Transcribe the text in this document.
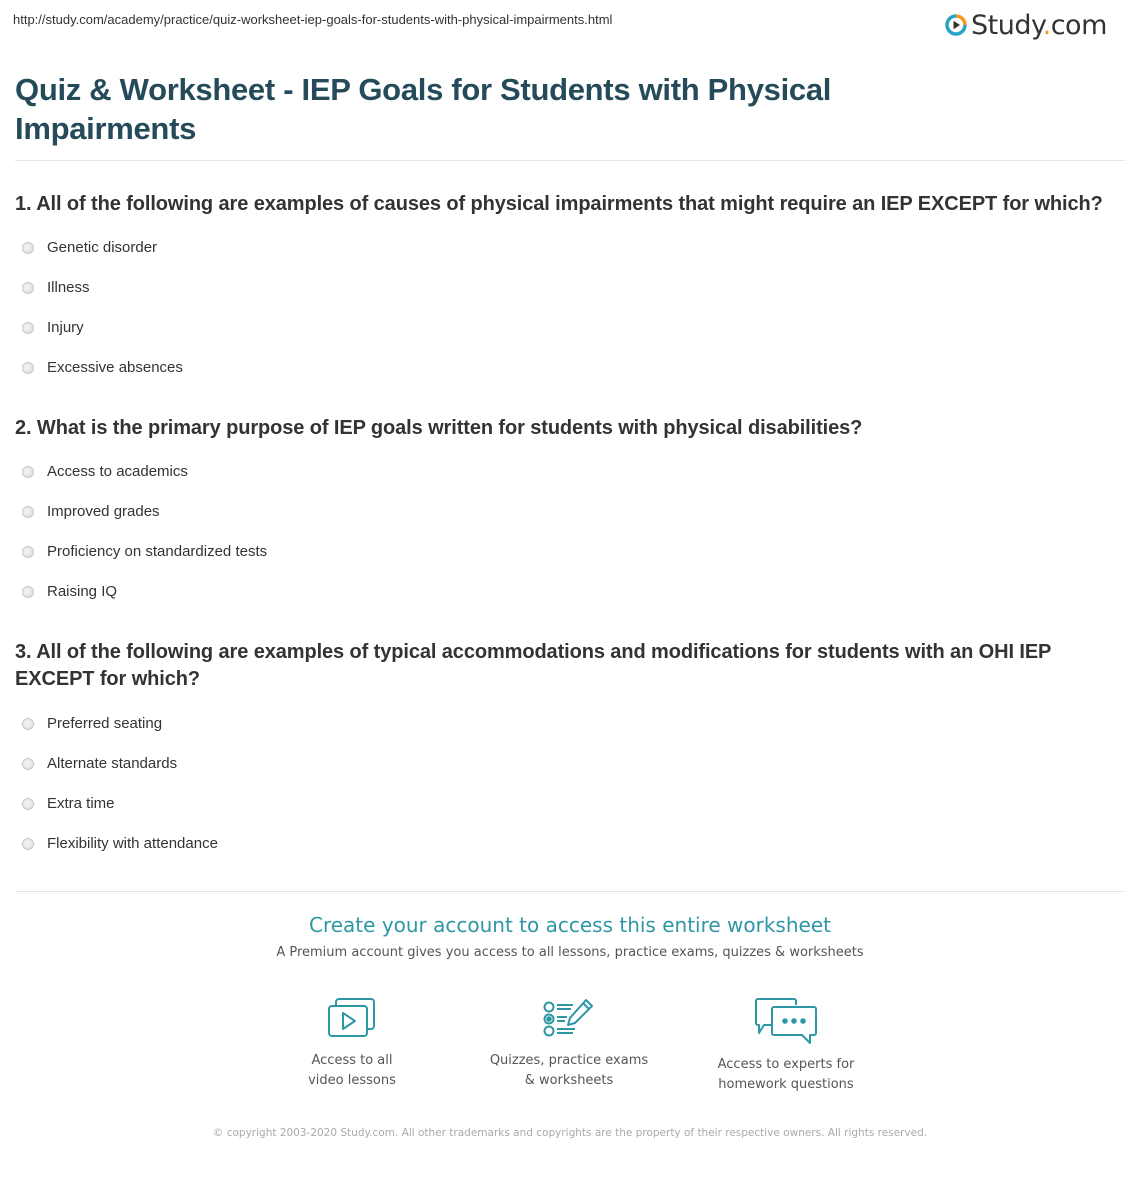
http://study.com/academy/practice/quiz-worksheet-iep-goals-for-students-with-physical-impairments.html	Study.com
Quiz & Worksheet - IEP Goals for Students with Physical Impairments
1. All of the following are examples of causes of physical impairments that might require an IEP EXCEPT for which?
Genetic disorder
Illness
Injury
Excessive absences
2. What is the primary purpose of IEP goals written for students with physical disabilities?
Access to academics
Improved grades
Proficiency on standardized tests
Raising IQ
3. All of the following are examples of typical accommodations and modifications for students with an OHI IEP EXCEPT for which?
Preferred seating
Alternate standards
Extra time
Flexibility with attendance
Create your account to access this entire worksheet
A Premium account gives you access to all lessons, practice exams, quizzes & worksheets
Access to all
video lessons
Quizzes, practice exams
& worksheets
Access to experts for
homework questions
© copyright 2003-2020 Study.com. All other trademarks and copyrights are the property of their respective owners. All rights reserved.
